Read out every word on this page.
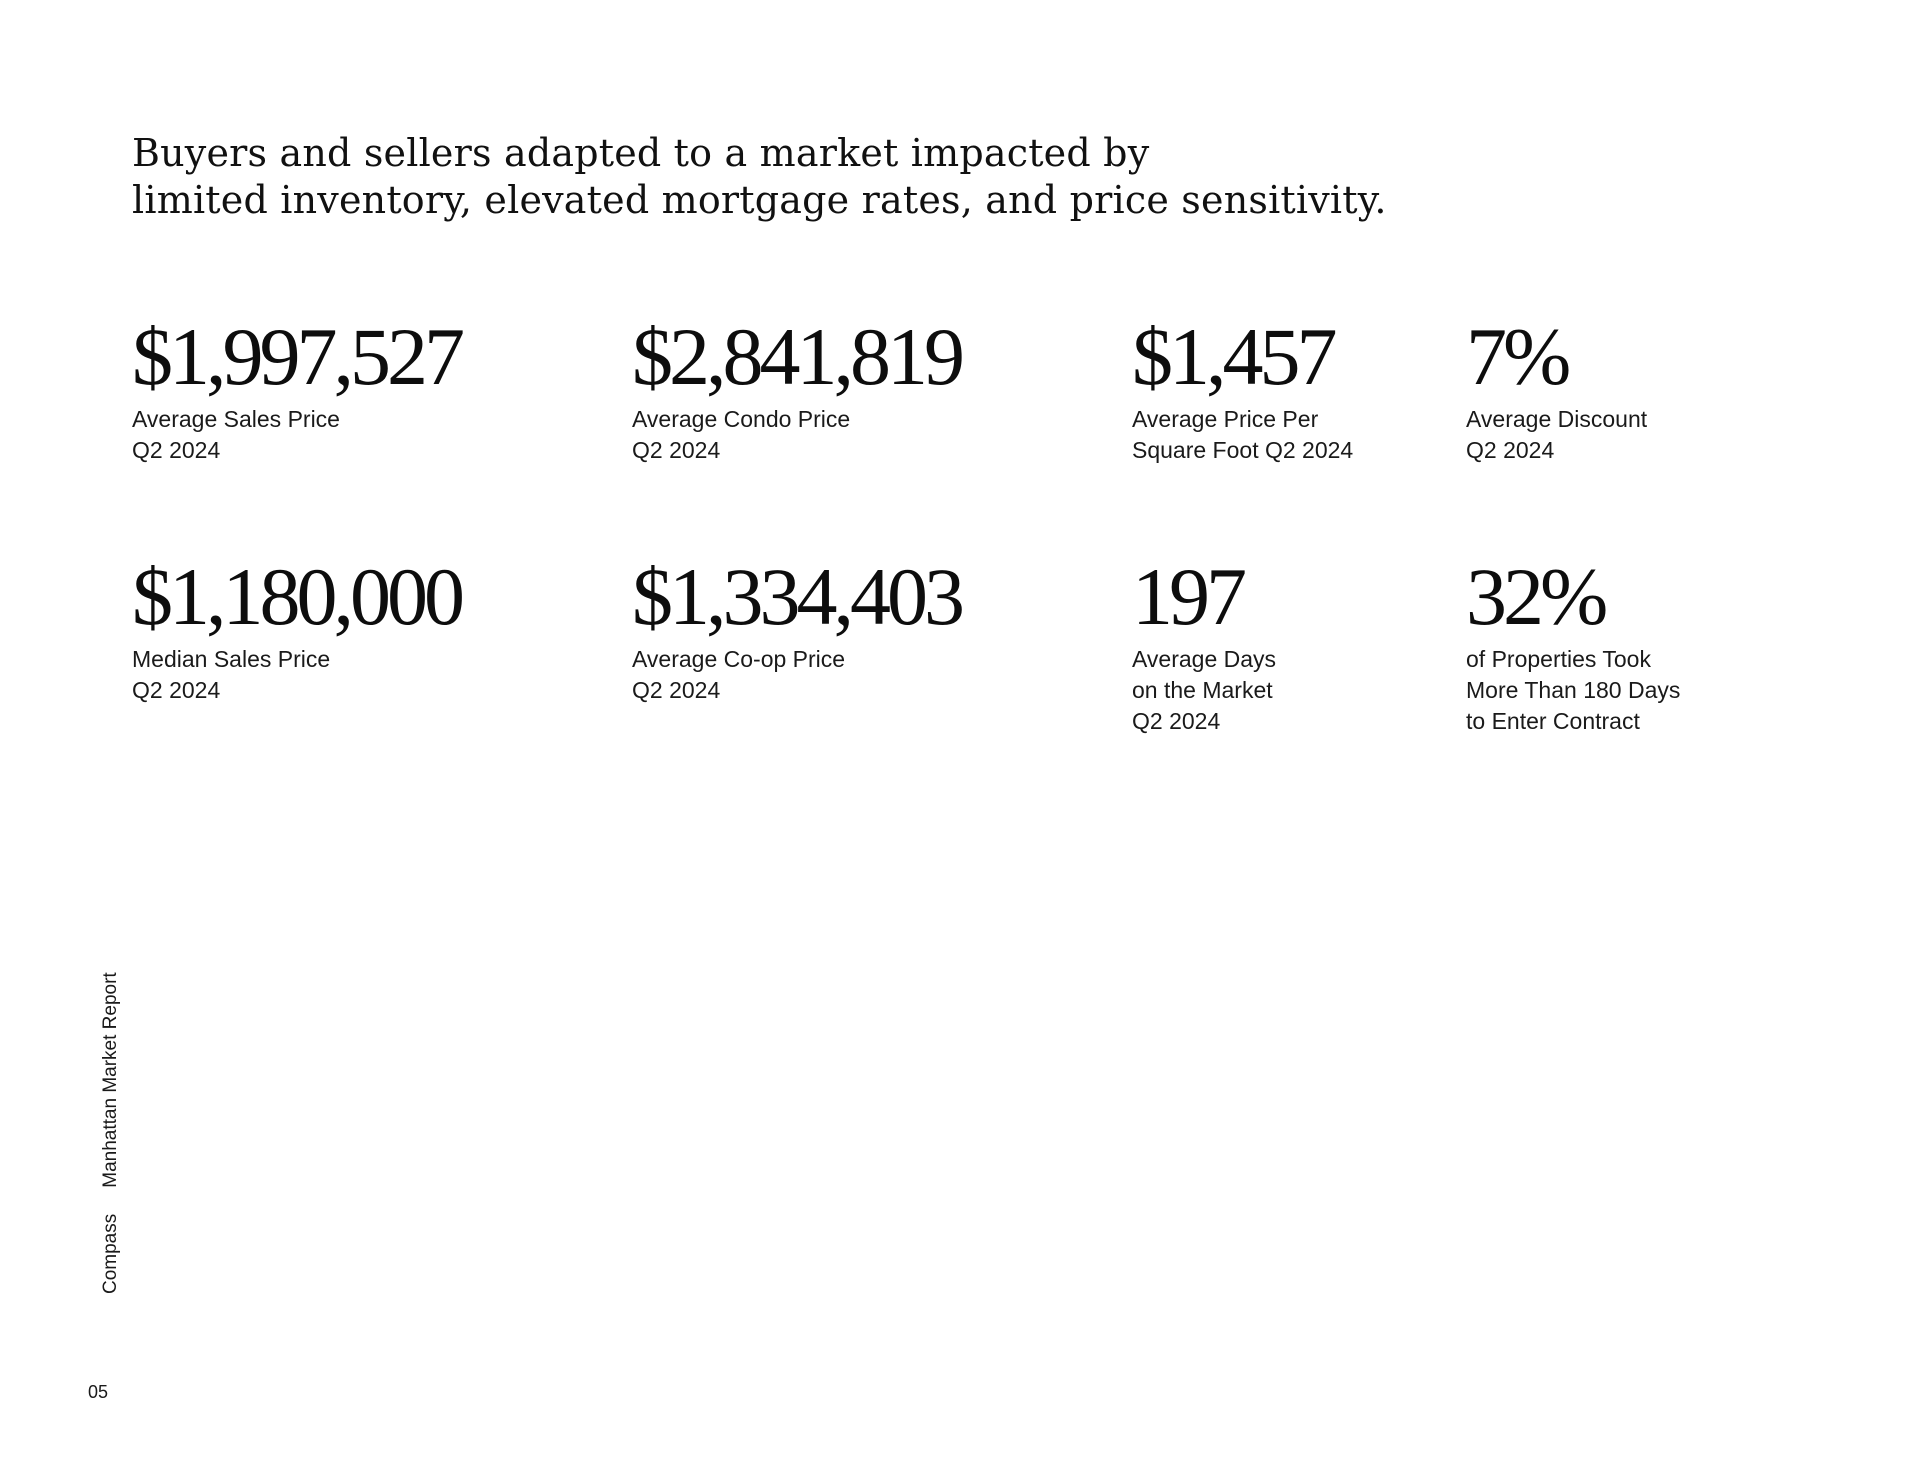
Buyers and sellers adapted to a market impacted by
limited inventory, elevated mortgage rates, and price sensitivity.
$1,997,527
Average Sales Price
Q2 2024
$2,841,819
Average Condo Price
Q2 2024
$1,457
Average Price Per
Square Foot Q2 2024
7%
Average Discount
Q2 2024
$1,180,000
Median Sales Price
Q2 2024
$1,334,403
Average Co-op Price
Q2 2024
197
Average Days
on the Market
Q2 2024
32%
of Properties Took
More Than 180 Days
to Enter Contract
CompassManhattan Market Report
05
